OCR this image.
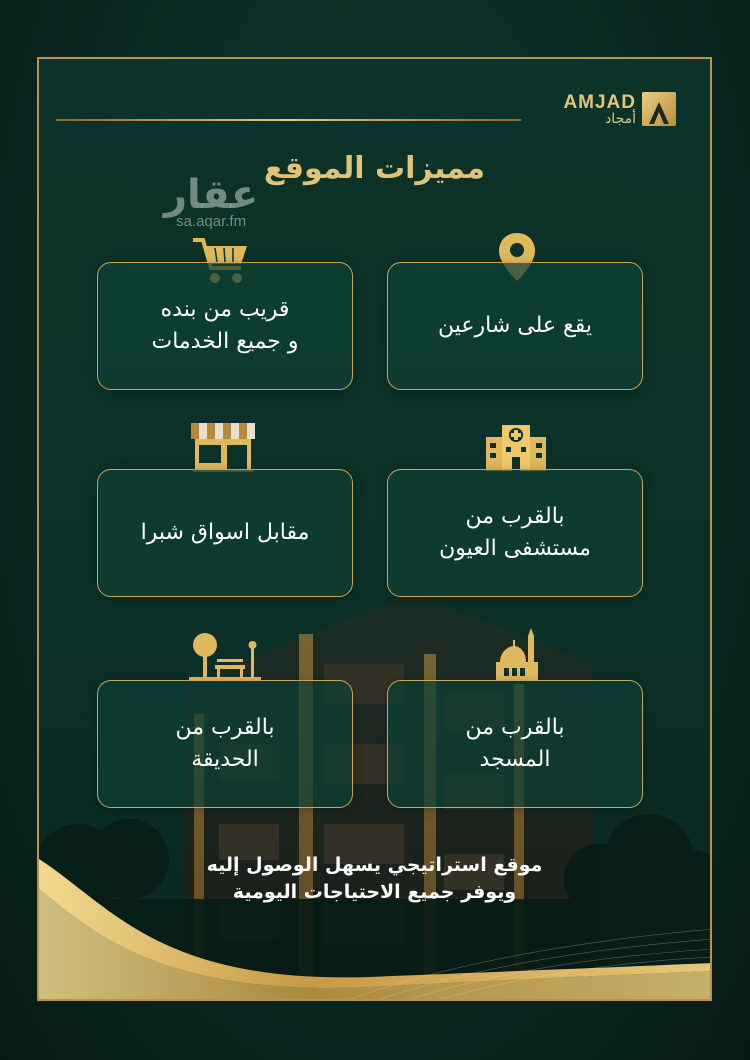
AMJAD
أمجاد
مميزات الموقع
عقار
sa.aqar.fm
يقع على شارعين
قريب من بنده
و جميع الخدمات
بالقرب من
مستشفى العيون
مقابل اسواق شبرا
بالقرب من
المسجد
بالقرب من
الحديقة
موقع استراتيجي يسهل الوصول إليه
ويوفر جميع الاحتياجات اليومية
